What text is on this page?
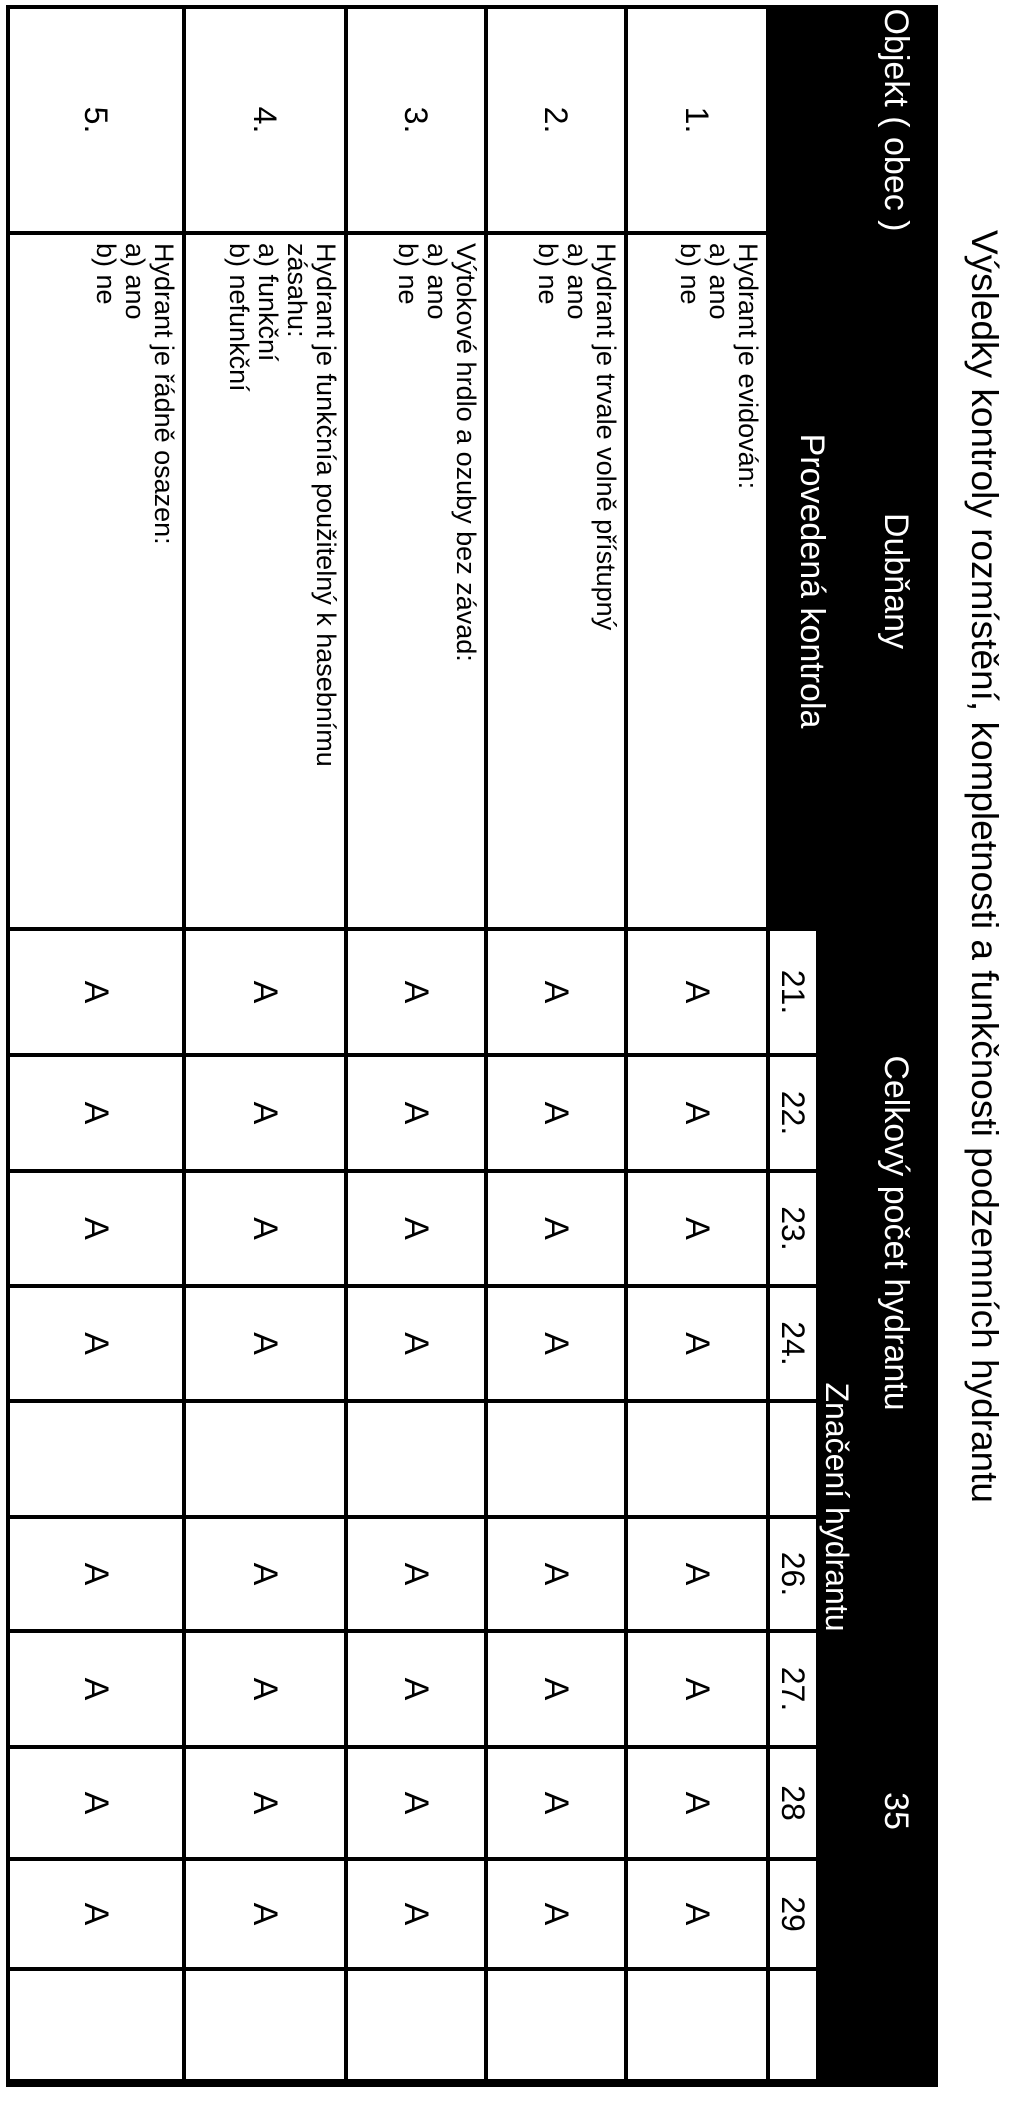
Výsledky kontroly rozmístění, kompletnosti a funkčnosti podzemních hydrantu
Objekt ( obec )
Dubňany
Celkový počet hydrantu
35
Provedená kontrola
Značení hydrantu
21.
22.
23.
24.
26.
27.
28
29
1.
Hydrant je evidován:
a) ano
b) ne
A
A
A
A
A
A
A
A
2.
Hydrant je trvale volně přístupný
a) ano
b) ne
A
A
A
A
A
A
A
A
3.
Výtokové hrdlo a ozuby bez závad:
a) ano
b) ne
A
A
A
A
A
A
A
A
4.
Hydrant je funkčnía použitelný k hasebnímu
zásahu:
a) funkční
b) nefunkční
A
A
A
A
A
A
A
A
5.
Hydrant je řádně osazen:
a) ano
b) ne
A
A
A
A
A
A
A
A
